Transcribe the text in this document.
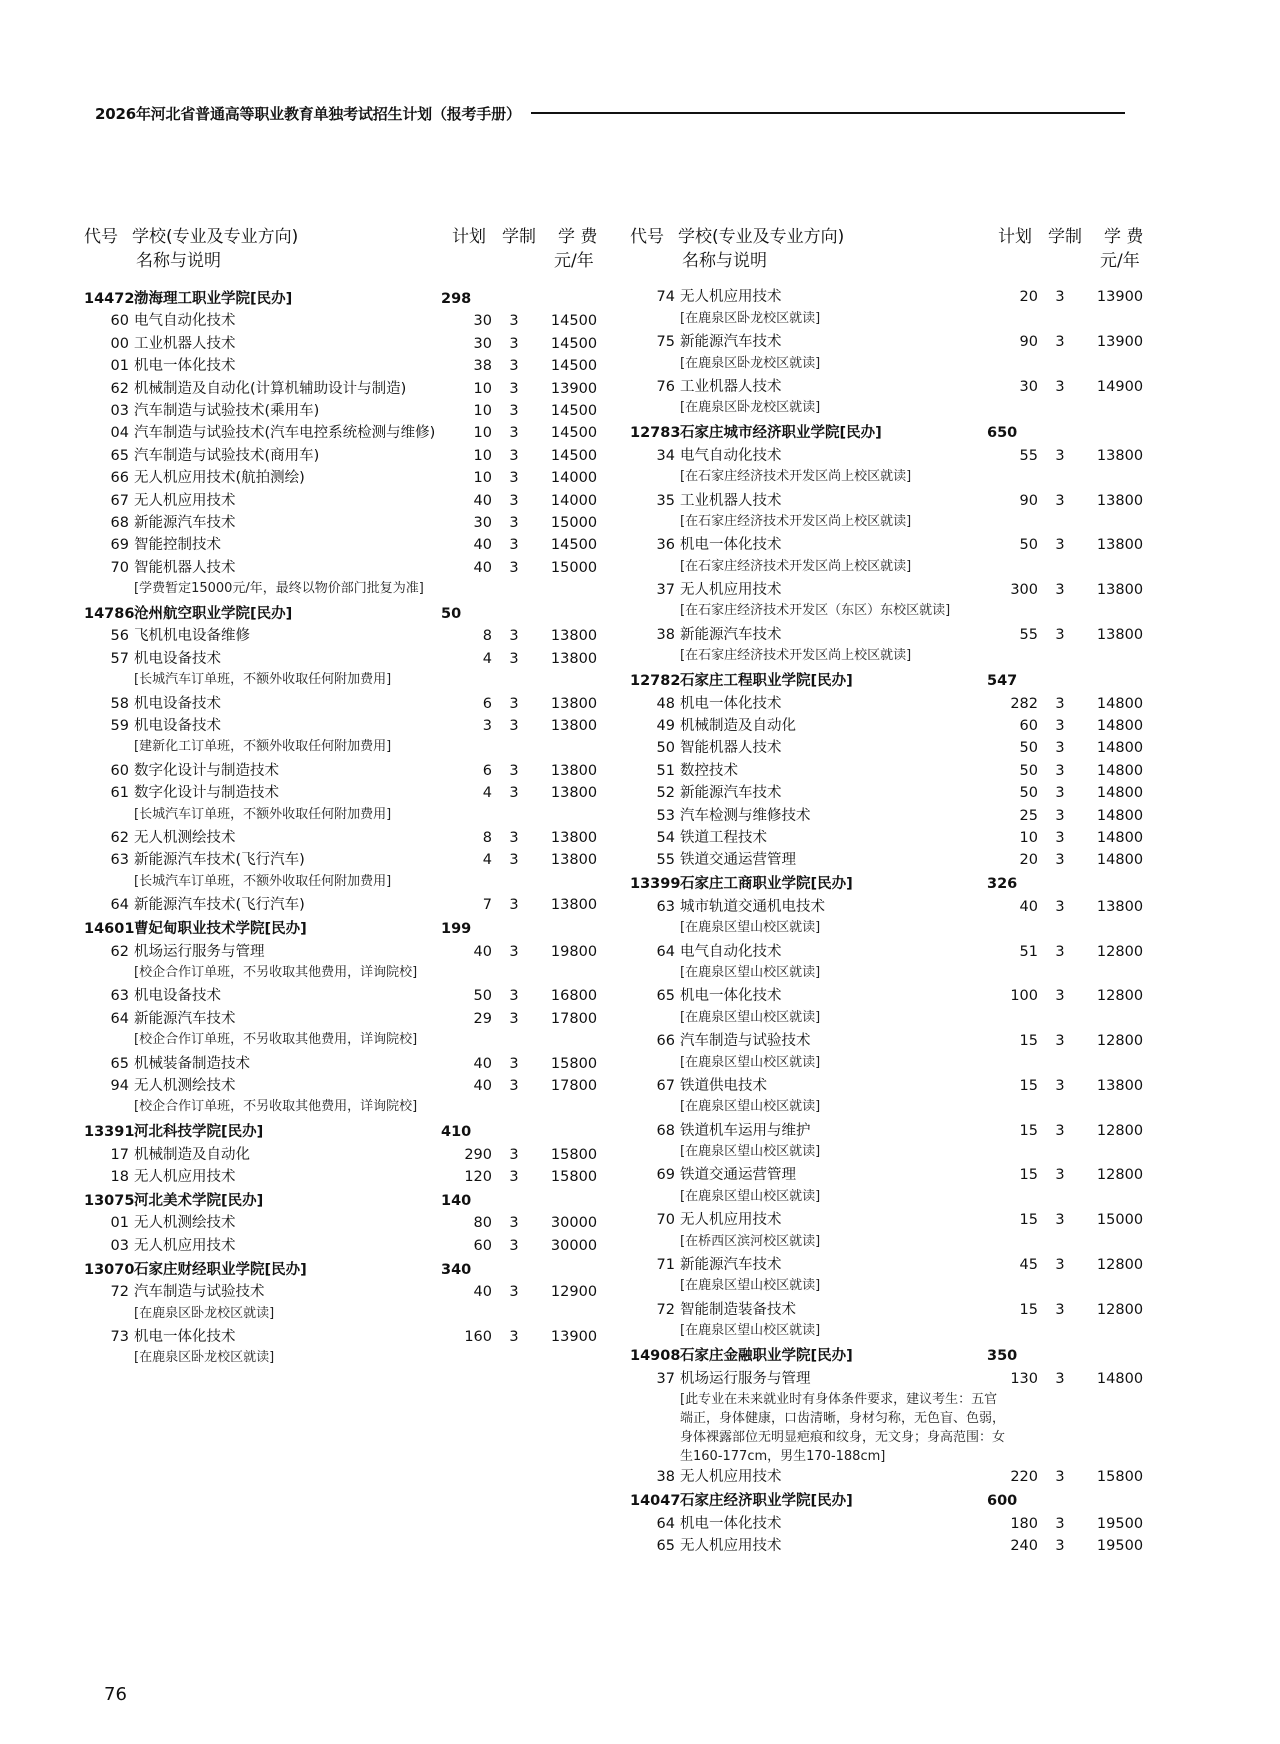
2026年河北省普通高等职业教育单独考试招生计划（报考手册）
代号 学校(专业及专业方向)
名称与说明
计划 学制 学 费
元/年
14472 渤海理工职业学院[民办]	298
60 电气自动化技术	30	3	14500
00 工业机器人技术	30	3	14500
01 机电一体化技术	38	3	14500
62 机械制造及自动化(计算机辅助设计与制造)	10	3	13900
03 汽车制造与试验技术(乘用车)	10	3	14500
04 汽车制造与试验技术(汽车电控系统检测与维修)	10	3	14500
65 汽车制造与试验技术(商用车)	10	3	14500
66 无人机应用技术(航拍测绘)	10	3	14000
67 无人机应用技术	40	3	14000
68 新能源汽车技术	30	3	15000
69 智能控制技术	40	3	14500
70 智能机器人技术	40	3	15000
[学费暂定15000元/年，最终以物价部门批复为准]
14786 沧州航空职业学院[民办]	50
56 飞机机电设备维修	8	3	13800
57 机电设备技术	4	3	13800
[长城汽车订单班，不额外收取任何附加费用]
58 机电设备技术	6	3	13800
59 机电设备技术	3	3	13800
[建新化工订单班，不额外收取任何附加费用]
60 数字化设计与制造技术	6	3	13800
61 数字化设计与制造技术	4	3	13800
[长城汽车订单班，不额外收取任何附加费用]
62 无人机测绘技术	8	3	13800
63 新能源汽车技术(飞行汽车)	4	3	13800
[长城汽车订单班，不额外收取任何附加费用]
64 新能源汽车技术(飞行汽车)	7	3	13800
14601 曹妃甸职业技术学院[民办]	199
62 机场运行服务与管理	40	3	19800
[校企合作订单班，不另收取其他费用，详询院校]
63 机电设备技术	50	3	16800
64 新能源汽车技术	29	3	17800
[校企合作订单班，不另收取其他费用，详询院校]
65 机械装备制造技术	40	3	15800
94 无人机测绘技术	40	3	17800
[校企合作订单班，不另收取其他费用，详询院校]
13391 河北科技学院[民办]	410
17 机械制造及自动化	290	3	15800
18 无人机应用技术	120	3	15800
13075 河北美术学院[民办]	140
01 无人机测绘技术	80	3	30000
03 无人机应用技术	60	3	30000
13070 石家庄财经职业学院[民办]	340
72 汽车制造与试验技术	40	3	12900
[在鹿泉区卧龙校区就读]
73 机电一体化技术	160	3	13900
[在鹿泉区卧龙校区就读]
代号 学校(专业及专业方向)
名称与说明
计划 学制 学 费
元/年
74 无人机应用技术	20	3	13900
[在鹿泉区卧龙校区就读]
75 新能源汽车技术	90	3	13900
[在鹿泉区卧龙校区就读]
76 工业机器人技术	30	3	14900
[在鹿泉区卧龙校区就读]
12783 石家庄城市经济职业学院[民办]	650
34 电气自动化技术	55	3	13800
[在石家庄经济技术开发区尚上校区就读]
35 工业机器人技术	90	3	13800
[在石家庄经济技术开发区尚上校区就读]
36 机电一体化技术	50	3	13800
[在石家庄经济技术开发区尚上校区就读]
37 无人机应用技术	300	3	13800
[在石家庄经济技术开发区（东区）东校区就读]
38 新能源汽车技术	55	3	13800
[在石家庄经济技术开发区尚上校区就读]
12782 石家庄工程职业学院[民办]	547
48 机电一体化技术	282	3	14800
49 机械制造及自动化	60	3	14800
50 智能机器人技术	50	3	14800
51 数控技术	50	3	14800
52 新能源汽车技术	50	3	14800
53 汽车检测与维修技术	25	3	14800
54 铁道工程技术	10	3	14800
55 铁道交通运营管理	20	3	14800
13399 石家庄工商职业学院[民办]	326
63 城市轨道交通机电技术	40	3	13800
[在鹿泉区望山校区就读]
64 电气自动化技术	51	3	12800
[在鹿泉区望山校区就读]
65 机电一体化技术	100	3	12800
[在鹿泉区望山校区就读]
66 汽车制造与试验技术	15	3	12800
[在鹿泉区望山校区就读]
67 铁道供电技术	15	3	13800
[在鹿泉区望山校区就读]
68 铁道机车运用与维护	15	3	12800
[在鹿泉区望山校区就读]
69 铁道交通运营管理	15	3	12800
[在鹿泉区望山校区就读]
70 无人机应用技术	15	3	15000
[在桥西区滨河校区就读]
71 新能源汽车技术	45	3	12800
[在鹿泉区望山校区就读]
72 智能制造装备技术	15	3	12800
[在鹿泉区望山校区就读]
14908 石家庄金融职业学院[民办]	350
37 机场运行服务与管理	130	3	14800
[此专业在未来就业时有身体条件要求，建议考生：五官端正，身体健康，口齿清晰，身材匀称，无色盲、色弱，身体裸露部位无明显疤痕和纹身，无文身；身高范围：女生160-177cm，男生170-188cm]
38 无人机应用技术	220	3	15800
14047 石家庄经济职业学院[民办]	600
64 机电一体化技术	180	3	19500
65 无人机应用技术	240	3	19500
76
